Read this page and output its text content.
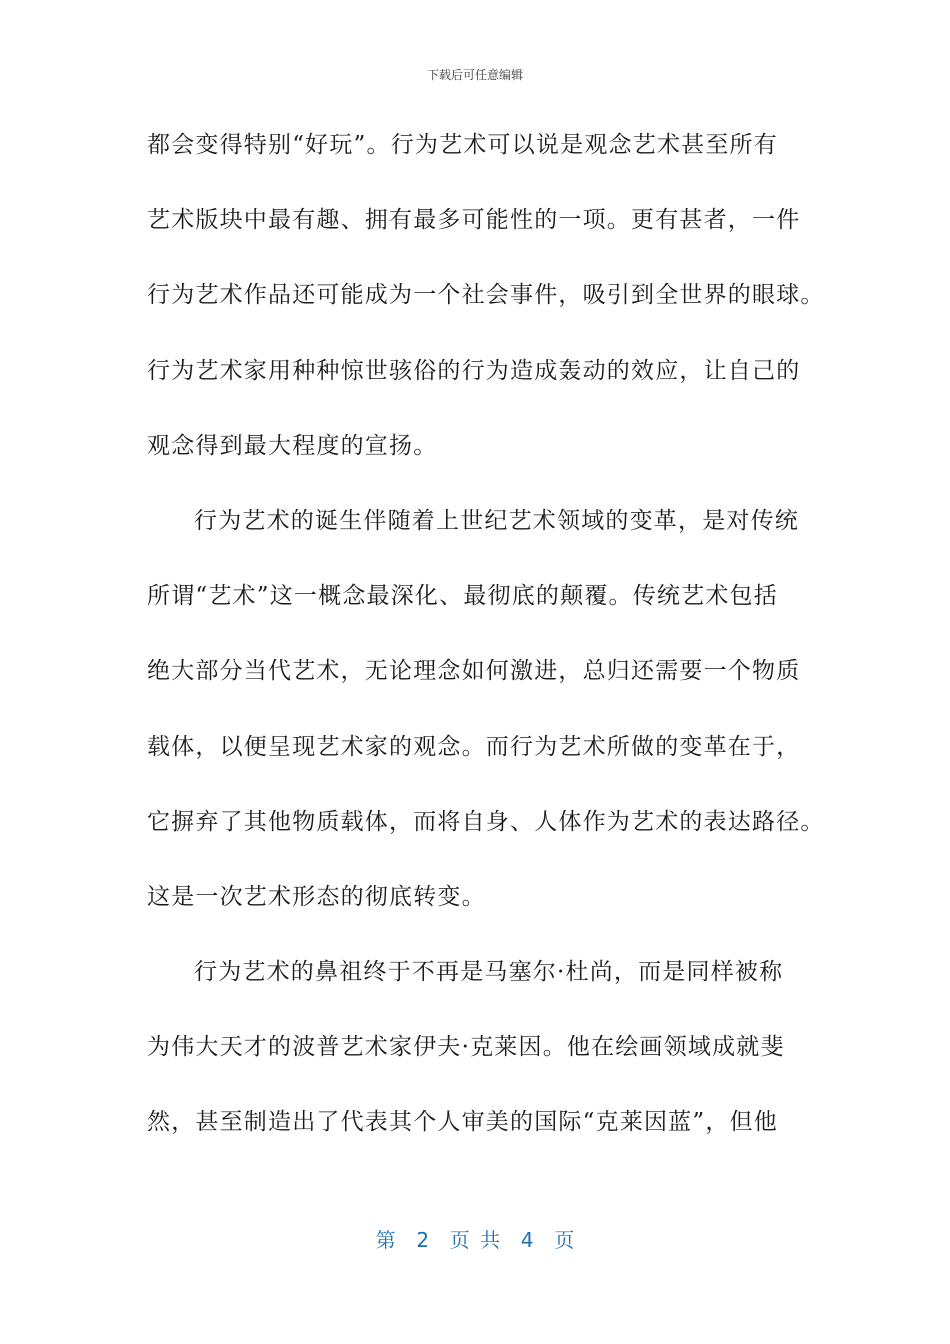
下载后可任意编辑
都会变得特别“好玩”。行为艺术可以说是观念艺术甚至所有
艺术版块中最有趣、拥有最多可能性的一项。更有甚者，一件
行为艺术作品还可能成为一个社会事件，吸引到全世界的眼球。
行为艺术家用种种惊世骇俗的行为造成轰动的效应，让自己的
观念得到最大程度的宣扬。
行为艺术的诞生伴随着上世纪艺术领域的变革，是对传统
所谓“艺术”这一概念最深化、最彻底的颠覆。传统艺术包括
绝大部分当代艺术，无论理念如何激进，总归还需要一个物质
载体，以便呈现艺术家的观念。而行为艺术所做的变革在于，
它摒弃了其他物质载体，而将自身、人体作为艺术的表达路径。
这是一次艺术形态的彻底转变。
行为艺术的鼻祖终于不再是马塞尔·杜尚，而是同样被称
为伟大天才的波普艺术家伊夫·克莱因。他在绘画领域成就斐
然，甚至制造出了代表其个人审美的国际“克莱因蓝”，但他
第  2  页 共  4  页
